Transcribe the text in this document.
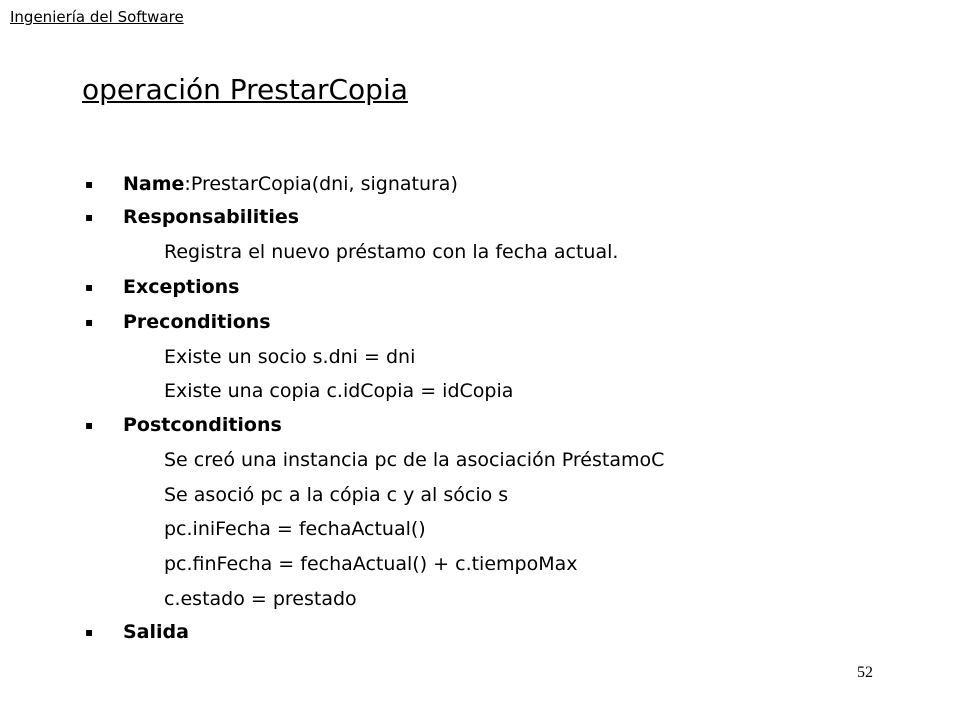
Ingeniería del Software
operación PrestarCopia
▪ Name:PrestarCopia(dni, signatura)
▪ Responsabilities
Registra el nuevo préstamo con la fecha actual.
▪ Exceptions
▪ Preconditions
Existe un socio s.dni = dni
Existe una copia c.idCopia = idCopia
▪ Postconditions
Se creó una instancia pc de la asociación PréstamoC
Se asoció pc a la cópia c y al sócio s
pc.iniFecha = fechaActual()
pc.finFecha = fechaActual() + c.tiempoMax
c.estado = prestado
▪ Salida
52
